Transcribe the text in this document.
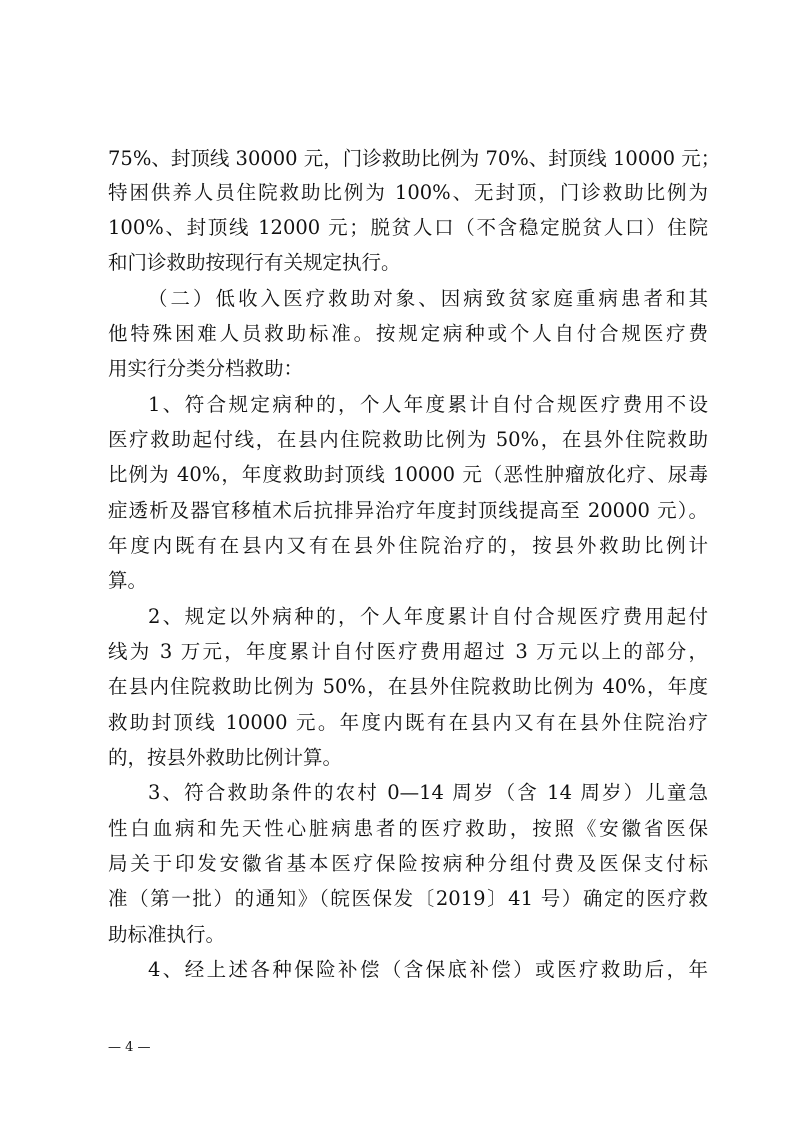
75%、封顶线 30000 元，门诊救助比例为 70%、封顶线 10000 元；
特困供养人员住院救助比例为 100%、无封顶，门诊救助比例为
100%、封顶线 12000 元；脱贫人口（不含稳定脱贫人口）住院
和门诊救助按现行有关规定执行。
（二）低收入医疗救助对象、因病致贫家庭重病患者和其
他特殊困难人员救助标准。按规定病种或个人自付合规医疗费
用实行分类分档救助：
1、符合规定病种的，个人年度累计自付合规医疗费用不设
医疗救助起付线，在县内住院救助比例为 50%，在县外住院救助
比例为 40%，年度救助封顶线 10000 元（恶性肿瘤放化疗、尿毒
症透析及器官移植术后抗排异治疗年度封顶线提高至 20000 元）。
年度内既有在县内又有在县外住院治疗的，按县外救助比例计
算。
2、规定以外病种的，个人年度累计自付合规医疗费用起付
线为 3 万元，年度累计自付医疗费用超过 3 万元以上的部分，
在县内住院救助比例为 50%，在县外住院救助比例为 40%，年度
救助封顶线 10000 元。年度内既有在县内又有在县外住院治疗
的，按县外救助比例计算。
3、符合救助条件的农村 0—14 周岁（含 14 周岁）儿童急
性白血病和先天性心脏病患者的医疗救助，按照《安徽省医保
局关于印发安徽省基本医疗保险按病种分组付费及医保支付标
准（第一批）的通知》（皖医保发〔2019〕41 号）确定的医疗救
助标准执行。
4、经上述各种保险补偿（含保底补偿）或医疗救助后，年
— 4 —
